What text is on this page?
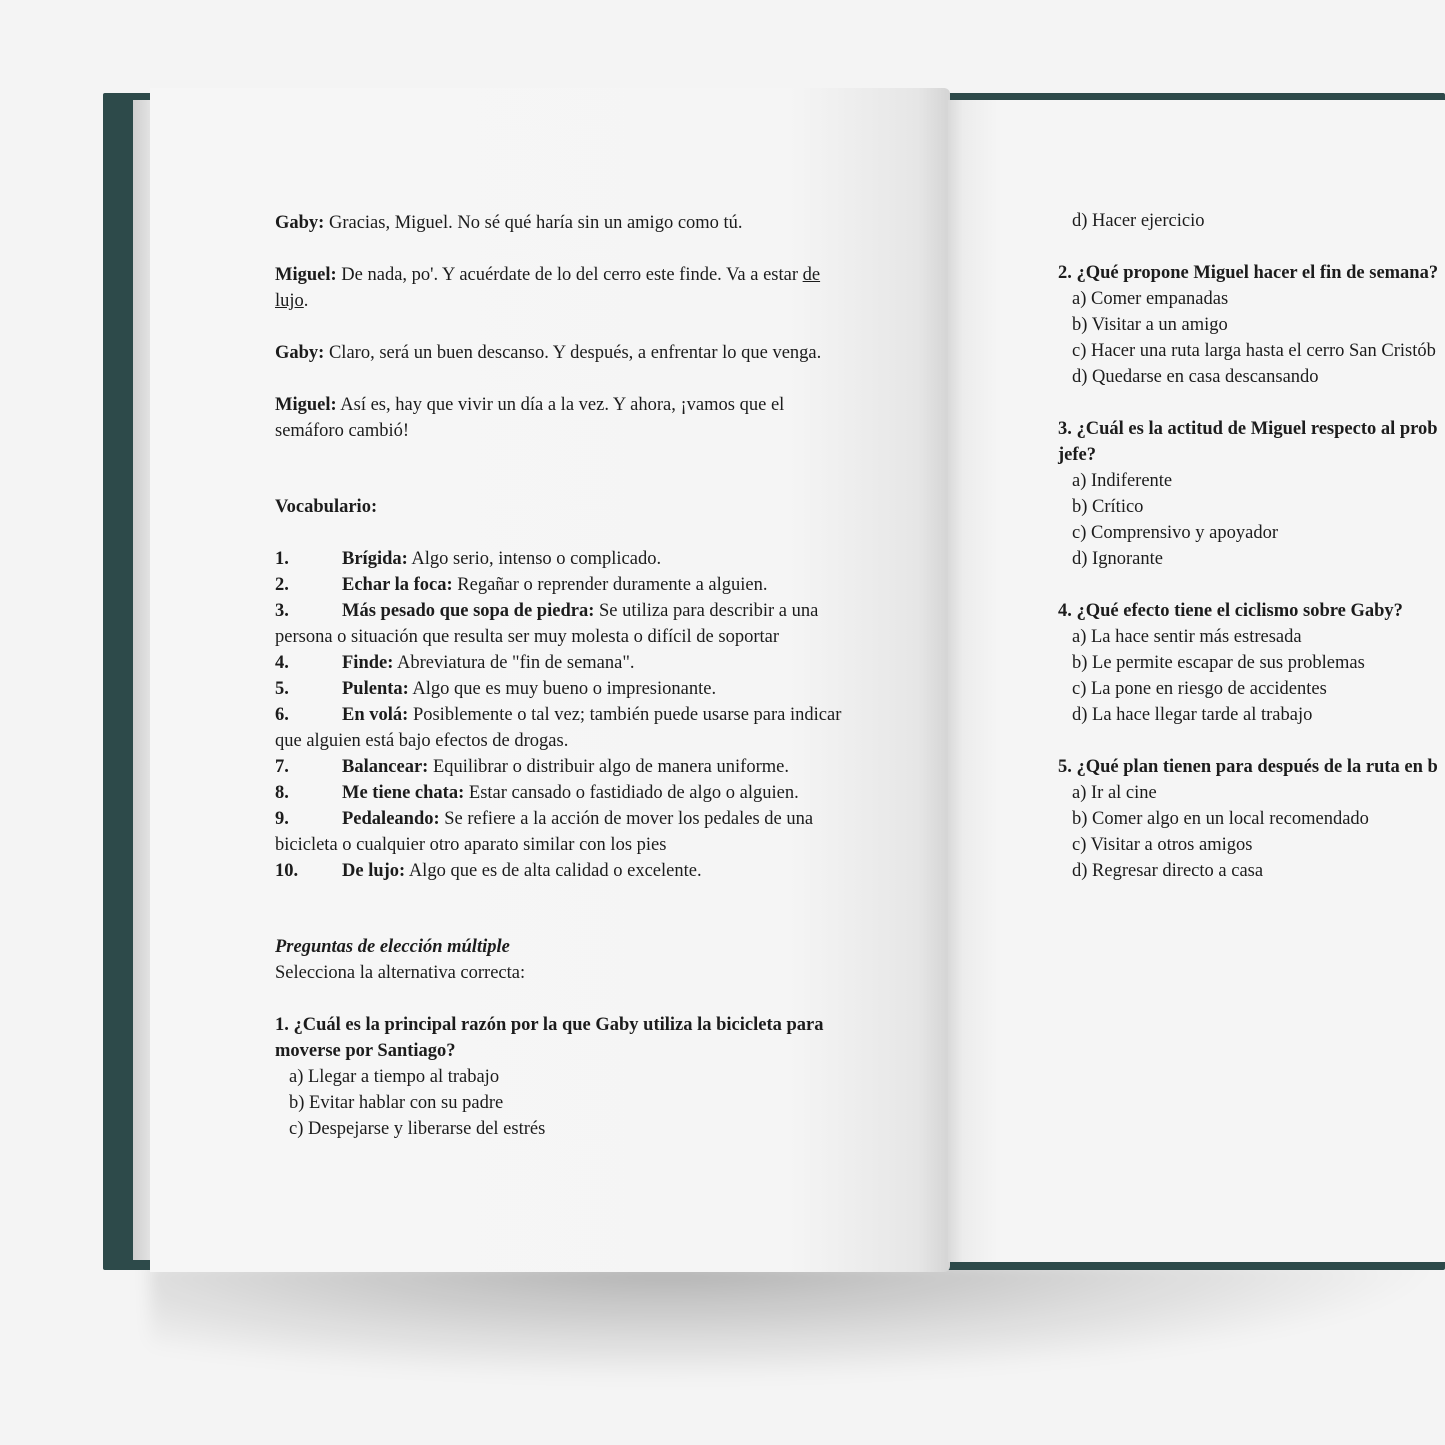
Gaby: Gracias, Miguel. No sé qué haría sin un amigo como tú.

Miguel: De nada, po'. Y acuérdate de lo del cerro este finde. Va a estar de lujo.

Gaby: Claro, será un buen descanso. Y después, a enfrentar lo que venga.

Miguel: Así es, hay que vivir un día a la vez. Y ahora, ¡vamos que el semáforo cambió!

Vocabulario:

1.	Brígida: Algo serio, intenso o complicado.
2.	Echar la foca: Regañar o reprender duramente a alguien.
3.	Más pesado que sopa de piedra: Se utiliza para describir a una persona o situación que resulta ser muy molesta o difícil de soportar
4.	Finde: Abreviatura de "fin de semana".
5.	Pulenta: Algo que es muy bueno o impresionante.
6.	En volá: Posiblemente o tal vez; también puede usarse para indicar que alguien está bajo efectos de drogas.
7.	Balancear: Equilibrar o distribuir algo de manera uniforme.
8.	Me tiene chata: Estar cansado o fastidiado de algo o alguien.
9.	Pedaleando: Se refiere a la acción de mover los pedales de una bicicleta o cualquier otro aparato similar con los pies
10. De lujo: Algo que es de alta calidad o excelente.

Preguntas de elección múltiple

Selecciona la alternativa correcta:

1. ¿Cuál es la principal razón por la que Gaby utiliza la bicicleta para moverse por Santiago?

a) Llegar a tiempo al trabajo

b) Evitar hablar con su padre

c) Despejarse y liberarse del estrés

d) Hacer ejercicio

2. ¿Qué propone Miguel hacer el fin de semana?

a) Comer empanadas

b) Visitar a un amigo

c) Hacer una ruta larga hasta el cerro San Cristób

d) Quedarse en casa descansando

3. ¿Cuál es la actitud de Miguel respecto al prob

jefe?

a) Indiferente

b) Crítico

c) Comprensivo y apoyador

d) Ignorante

4. ¿Qué efecto tiene el ciclismo sobre Gaby?

a) La hace sentir más estresada

b) Le permite escapar de sus problemas

c) La pone en riesgo de accidentes

d) La hace llegar tarde al trabajo

5. ¿Qué plan tienen para después de la ruta en b

a) Ir al cine

b) Comer algo en un local recomendado

c) Visitar a otros amigos

d) Regresar directo a casa
